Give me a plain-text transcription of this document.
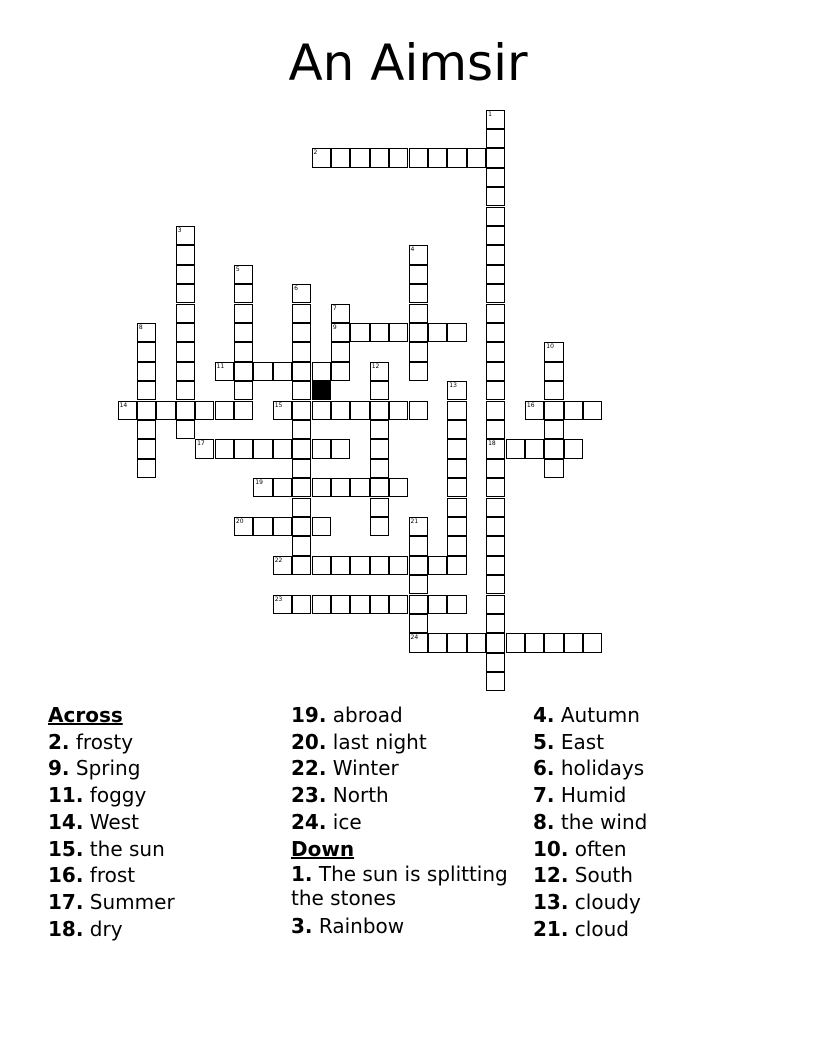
An Aimsir
1
18
2
3
4
5
6
7
9
8
10
11	12
13
14	15	16
17
19
20	21
22
23
24
Across
2. frosty
9. Spring
11. foggy
14. West
15. the sun
16. frost
17. Summer
18. dry
19. abroad
20. last night
22. Winter
23. North
24. ice
Down
1. The sun is splitting the stones
3. Rainbow
4. Autumn
5. East
6. holidays
7. Humid
8. the wind
10. often
12. South
13. cloudy
21. cloud
